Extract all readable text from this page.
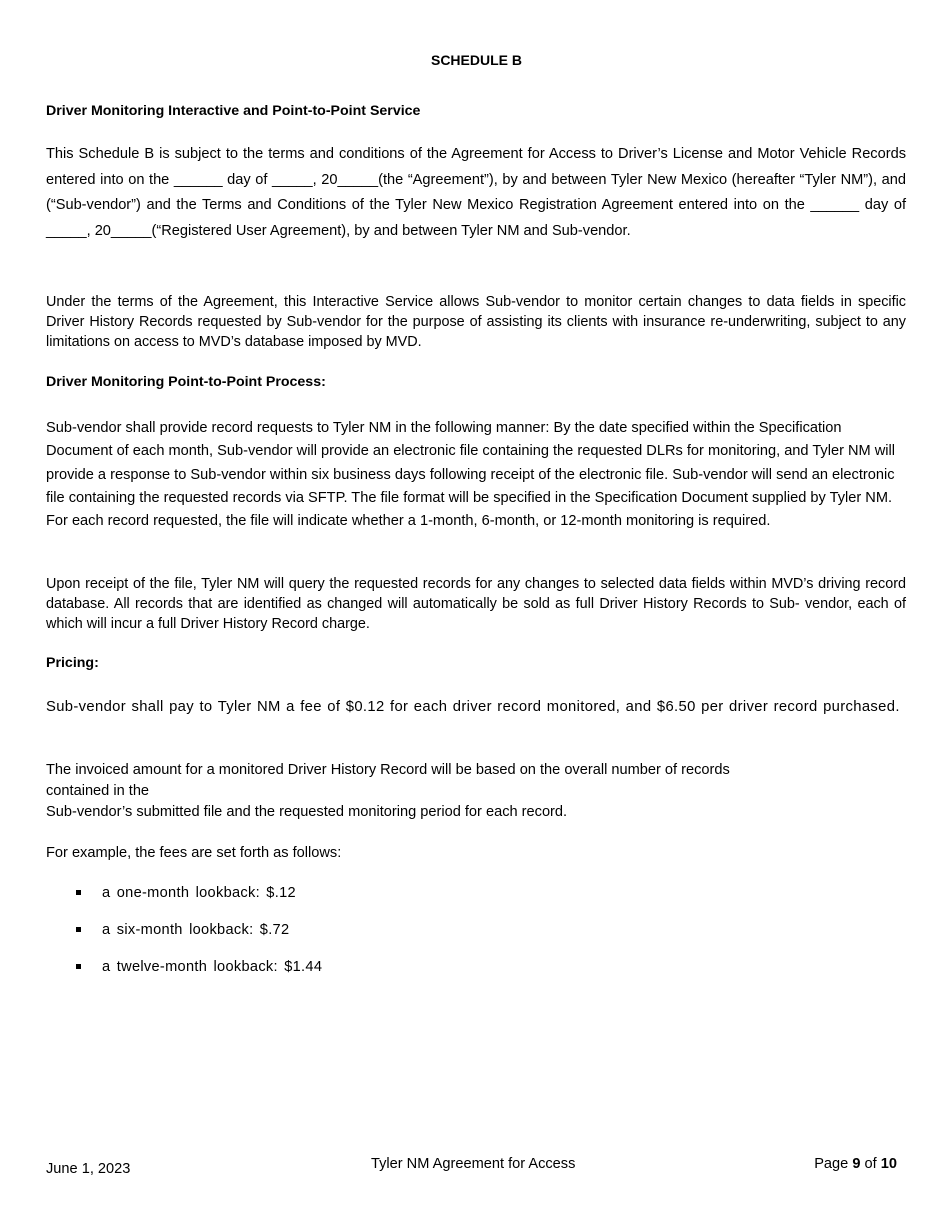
SCHEDULE B
Driver Monitoring Interactive and Point-to-Point Service
This Schedule B is subject to the terms and conditions of the Agreement for Access to Driver’s License and Motor Vehicle Records entered into on the ______ day of _____, 20_____(the “Agreement”), by and between Tyler New Mexico (hereafter “Tyler NM”), and (“Sub-vendor”) and the Terms and Conditions of the Tyler New Mexico Registration Agreement entered into on the ______ day of _____, 20_____(“Registered User Agreement), by and between Tyler NM and Sub-vendor.
Under the terms of the Agreement, this Interactive Service allows Sub-vendor to monitor certain changes to data fields in specific Driver History Records requested by Sub-vendor for the purpose of assisting its clients with insurance re-underwriting, subject to any limitations on access to MVD’s database imposed by MVD.
Driver Monitoring Point-to-Point Process:
Sub-vendor shall provide record requests to Tyler NM in the following manner: By the date specified within the Specification Document of each month, Sub-vendor will provide an electronic file containing the requested DLRs for monitoring, and Tyler NM will provide a response to Sub-vendor within six business days following receipt of the electronic file. Sub-vendor will send an electronic file containing the requested records via SFTP. The file format will be specified in the Specification Document supplied by Tyler NM. For each record requested, the file will indicate whether a 1-month, 6-month, or 12-month monitoring is required.
Upon receipt of the file, Tyler NM will query the requested records for any changes to selected data fields within MVD’s driving record database. All records that are identified as changed will automatically be sold as full Driver History Records to Sub- vendor, each of which will incur a full Driver History Record charge.
Pricing:
Sub-vendor shall pay to Tyler NM a fee of $0.12 for each driver record monitored, and $6.50 per driver record purchased.
The invoiced amount for a monitored Driver History Record will be based on the overall number of records
contained in the
Sub-vendor’s submitted file and the requested monitoring period for each record.
For example, the fees are set forth as follows:
a one-month lookback: $.12
a six-month lookback: $.72
a twelve-month lookback: $1.44
June 1, 2023	Tyler NM Agreement for Access	Page 9 of 10
